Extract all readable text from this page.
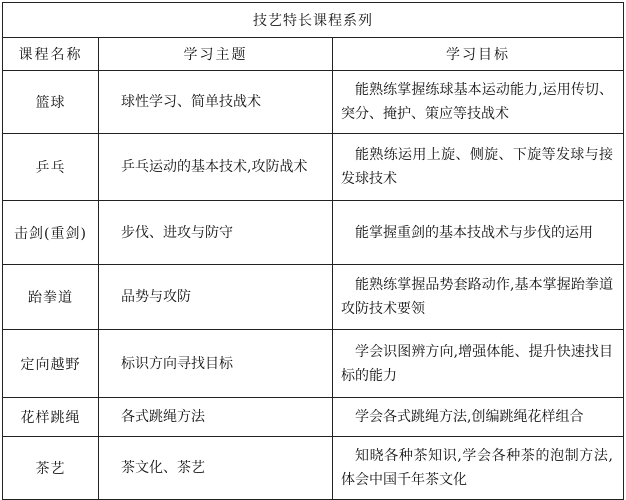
技艺特长课程系列		
课程名称	学习主题	学习目标
篮球	球性学习、简单技战术	能熟练掌握练球基本运动能力,运用传切、突分、掩护、策应等技战术
乒乓	乒乓运动的基本技术,攻防战术	能熟练运用上旋、侧旋、下旋等发球与接发球技术
击剑(重剑)	步伐、进攻与防守	能掌握重剑的基本技战术与步伐的运用
跆拳道	品势与攻防	能熟练掌握品势套路动作,基本掌握跆拳道攻防技术要领
定向越野	标识方向寻找目标	学会识图辨方向,增强体能、提升快速找目标的能力
花样跳绳	各式跳绳方法	学会各式跳绳方法,创编跳绳花样组合
茶艺	茶文化、茶艺	知晓各种茶知识,学会各种茶的泡制方法,体会中国千年茶文化
